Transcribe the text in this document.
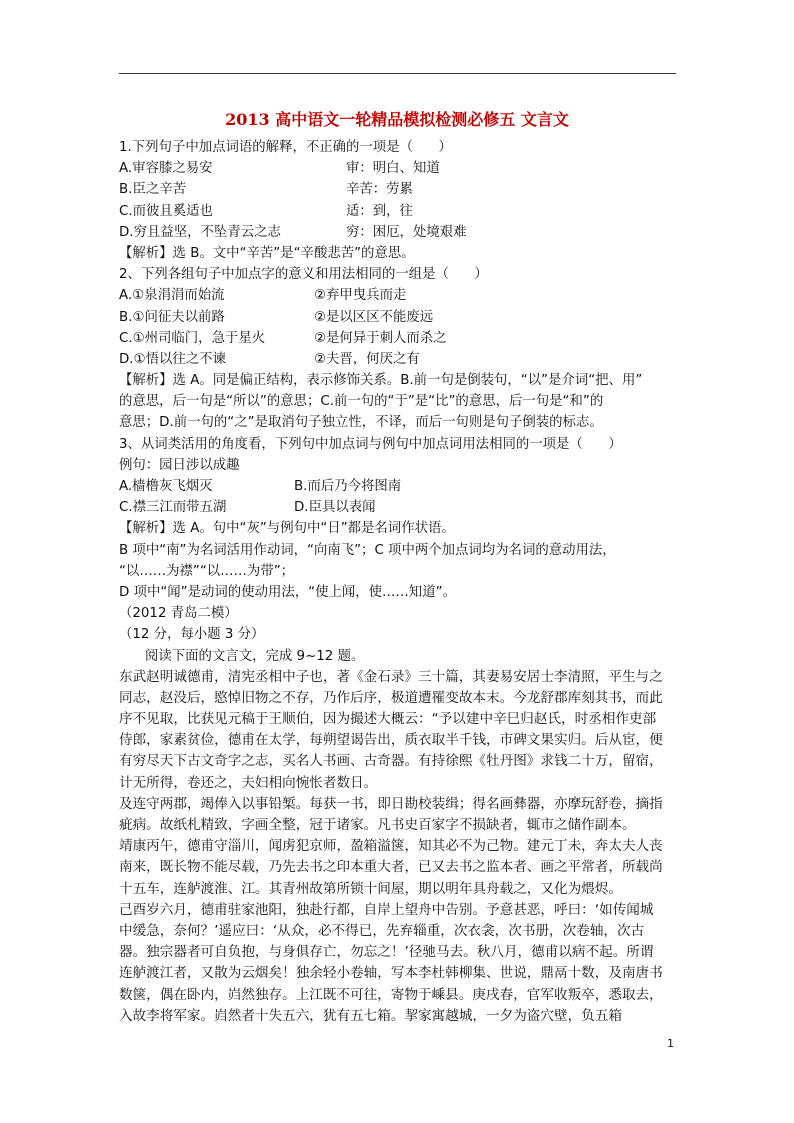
2013 高中语文一轮精品模拟检测必修五 文言文
1.下列句子中加点词语的解释，不正确的一项是（      ）
A.审容膝之易安	审：明白、知道
B.臣之辛苦	辛苦：劳累
C.而彼且奚适也	适：到，往
D.穷且益坚，不坠青云之志	穷：困厄，处境艰难
【解析】选 B。文中“辛苦”是“辛酸悲苦”的意思。
2、下列各组句子中加点字的意义和用法相同的一组是（      ）
A.①泉涓涓而始流	②弃甲曳兵而走
B.①问征夫以前路	②是以区区不能废远
C.①州司临门，急于星火	②是何异于刺人而杀之
D.①悟以往之不谏	②夫晋，何厌之有
【解析】选 A。同是偏正结构，表示修饰关系。B.前一句是倒装句，“以”是介词“把、用”
的意思，后一句是“所以”的意思；C.前一句的“于”是“比”的意思，后一句是“和”的
意思；D.前一句的“之”是取消句子独立性，不译，而后一句则是句子倒装的标志。
3、从词类活用的角度看，下列句中加点词与例句中加点词用法相同的一项是（      ）
例句：园日涉以成趣
A.樯橹灰飞烟灭	B.而后乃今将图南
C.襟三江而带五湖	D.臣具以表闻
【解析】选 A。句中“灰”与例句中“日”都是名词作状语。
B 项中“南”为名词活用作动词，“向南飞”；C 项中两个加点词均为名词的意动用法，
“以……为襟”“以……为带”；
D 项中“闻”是动词的使动用法，“使上闻，使……知道”。
（2012 青岛二模）
（12 分，每小题 3 分）
阅读下面的文言文，完成 9~12 题。
东武赵明诚德甫，清宪丞相中子也，著《金石录》三十篇，其妻易安居士李清照，平生与之
同志，赵没后，愍悼旧物之不存，乃作后序，极道遭罹变故本末。今龙舒郡库刻其书，而此
序不见取，比获见元稿于王顺伯，因为撮述大概云：“予以建中辛巳归赵氏，时丞相作吏部
侍郎，家素贫俭，德甫在太学，每朔望谒告出，质衣取半千钱，市碑文果实归。后从宦，便
有穷尽天下古文奇字之志，买名人书画、古奇器。有持徐熙《牡丹图》求钱二十万，留宿，
计无所得，卷还之，夫妇相向惋怅者数日。
及连守两郡，竭俸入以事铅椠。每获一书，即日勘校装缉；得名画彝器，亦摩玩舒卷，摘指
疵病。故纸札精致，字画全整，冠于诸家。凡书史百家字不损缺者，辄市之储作副本。
靖康丙午，德甫守淄川，闻虏犯京师，盈箱溢箧，知其必不为己物。建元丁未，奔太夫人丧
南来，既长物不能尽载，乃先去书之印本重大者，已又去书之监本者、画之平常者，所载尚
十五车，连舻渡淮、江。其青州故第所锁十间屋，期以明年具舟载之，又化为煨烬。
己酉岁六月，德甫驻家池阳，独赴行都，自岸上望舟中告别。予意甚恶，呼曰：‘如传闻城
中缓急，奈何？’遥应曰：‘从众，必不得已，先弃辎重，次衣衾，次书册，次卷轴，次古
器。独宗器者可自负抱，与身俱存亡，勿忘之！’径驰马去。秋八月，德甫以病不起。所谓
连舻渡江者，又散为云烟矣！独余轻小卷轴，写本李杜韩柳集、世说，鼎鬲十数，及南唐书
数箧，偶在卧内，岿然独存。上江既不可往，寄物于嵊县。庚戌春，官军收叛卒，悉取去，
入故李将军家。岿然者十失五六，犹有五七箱。挈家寓越城，一夕为盗穴壁，负五箱
1
